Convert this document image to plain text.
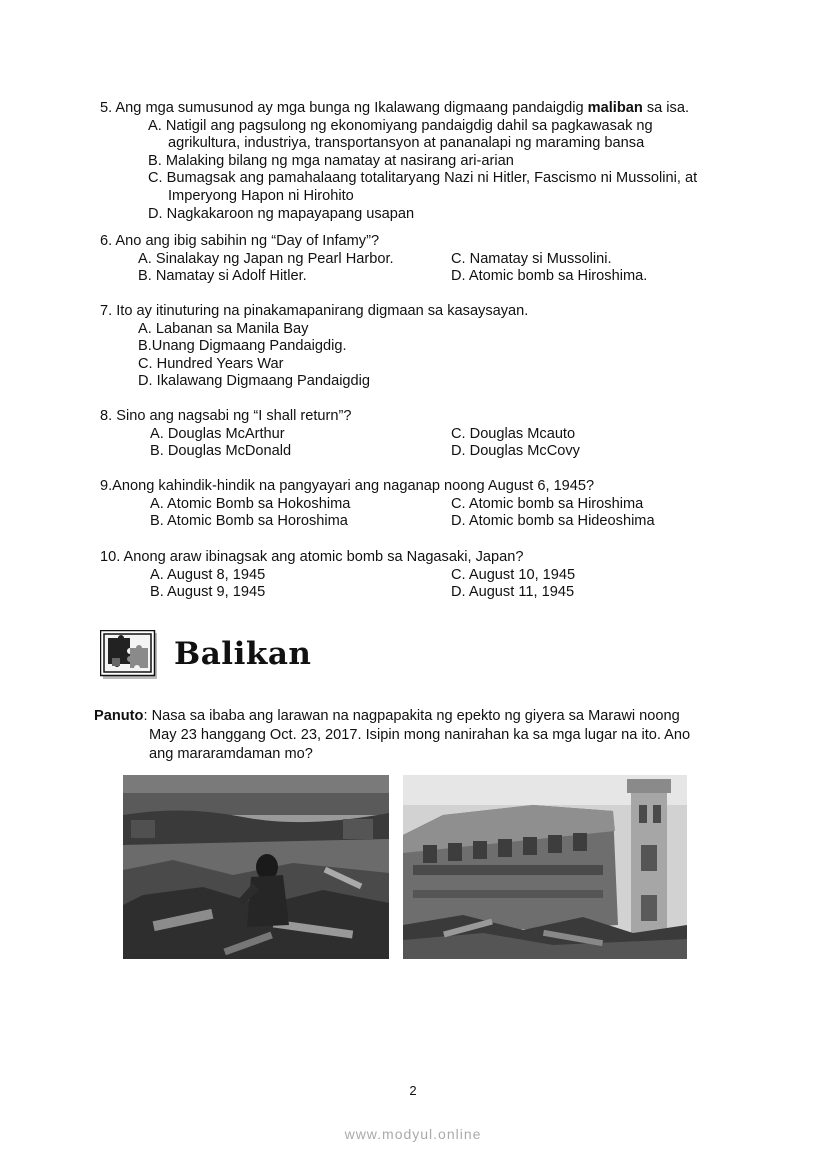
5. Ang mga sumusunod ay mga bunga ng Ikalawang digmaang pandaigdig maliban sa isa.
A. Natigil ang pagsulong ng ekonomiyang pandaigdig dahil sa pagkawasak ng
agrikultura, industriya, transportansyon at pananalapi ng maraming bansa
B. Malaking bilang ng mga namatay at nasirang ari-arian
C. Bumagsak ang pamahalaang totalitaryang Nazi ni Hitler, Fascismo ni Mussolini, at
Imperyong Hapon ni Hirohito
D. Nagkakaroon ng mapayapang usapan
6. Ano ang ibig sabihin ng “Day of Infamy”?
A. Sinalakay ng Japan ng Pearl Harbor.	C. Namatay si Mussolini.
B. Namatay si Adolf Hitler.	D. Atomic bomb sa Hiroshima.
7. Ito ay itinuturing na pinakamapanirang digmaan sa kasaysayan.
A. Labanan sa Manila Bay
B.Unang Digmaang Pandaigdig.
C. Hundred Years War
D. Ikalawang Digmaang Pandaigdig
8. Sino ang nagsabi ng “I shall return”?
A. Douglas McArthur	C. Douglas Mcauto
B. Douglas McDonald	D. Douglas McCovy
9.Anong kahindik-hindik na pangyayari ang naganap noong August 6, 1945?
A. Atomic Bomb sa Hokoshima	C. Atomic bomb sa Hiroshima
B. Atomic Bomb sa Horoshima	D. Atomic bomb sa Hideoshima
10. Anong araw ibinagsak ang atomic bomb sa Nagasaki, Japan?
A. August 8, 1945	C. August 10, 1945
B. August 9, 1945	D. August 11, 1945
Balikan
Panuto: Nasa sa ibaba ang larawan na nagpapakita ng epekto ng giyera sa Marawi noong
May 23 hanggang Oct. 23, 2017. Isipin mong nanirahan ka sa mga lugar na ito. Ano
ang mararamdaman mo?
2
www.modyul.online
